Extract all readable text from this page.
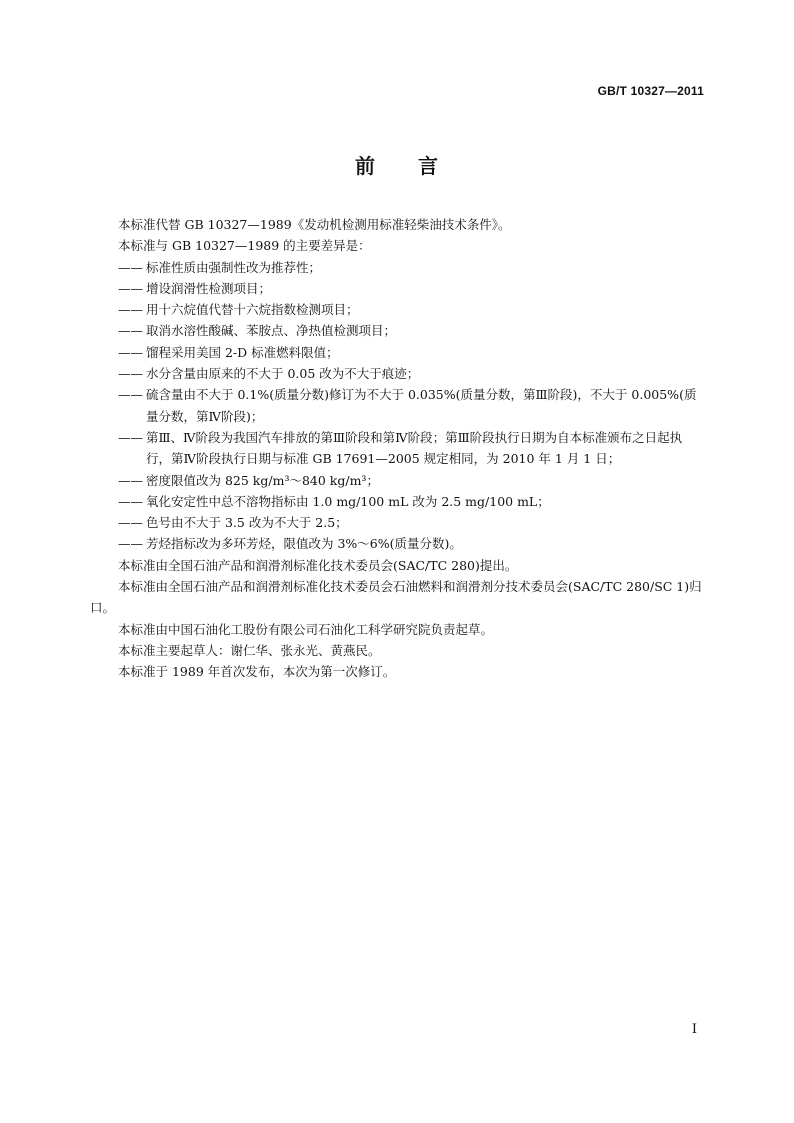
GB/T 10327—2011
前　　言

本标准代替 GB 10327—1989《发动机检测用标准轻柴油技术条件》。

本标准与 GB 10327—1989 的主要差异是：

—— 标准性质由强制性改为推荐性；

—— 增设润滑性检测项目；

—— 用十六烷值代替十六烷指数检测项目；

—— 取消水溶性酸碱、苯胺点、净热值检测项目；

—— 馏程采用美国 2-D 标准燃料限值；

—— 水分含量由原来的不大于 0.05 改为不大于痕迹；

—— 硫含量由不大于 0.1%(质量分数)修订为不大于 0.035%(质量分数，第Ⅲ阶段)，不大于 0.005%(质量分数，第Ⅳ阶段)；

—— 第Ⅲ、Ⅳ阶段为我国汽车排放的第Ⅲ阶段和第Ⅳ阶段；第Ⅲ阶段执行日期为自本标准颁布之日起执行，第Ⅳ阶段执行日期与标准 GB 17691—2005 规定相同，为 2010 年 1 月 1 日；

—— 密度限值改为 825 kg/m³～840 kg/m³；

—— 氧化安定性中总不溶物指标由 1.0 mg/100 mL 改为 2.5 mg/100 mL；

—— 色号由不大于 3.5 改为不大于 2.5；

—— 芳烃指标改为多环芳烃，限值改为 3%～6%(质量分数)。

本标准由全国石油产品和润滑剂标准化技术委员会(SAC/TC 280)提出。

本标准由全国石油产品和润滑剂标准化技术委员会石油燃料和润滑剂分技术委员会(SAC/TC 280/SC 1)归口。

本标准由中国石油化工股份有限公司石油化工科学研究院负责起草。

本标准主要起草人：谢仁华、张永光、黄燕民。

本标准于 1989 年首次发布，本次为第一次修订。

Ⅰ
